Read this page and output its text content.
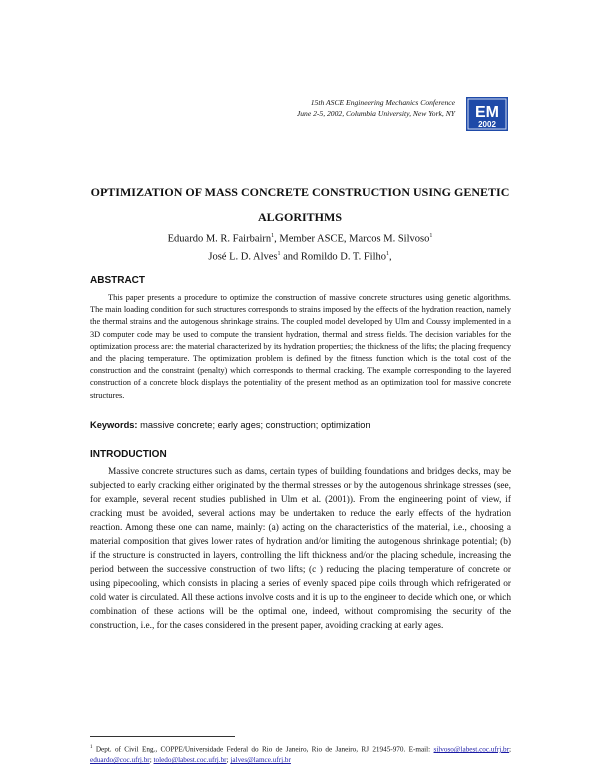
15th ASCE Engineering Mechanics Conference
June 2-5, 2002, Columbia University, New York, NY EM
2002
OPTIMIZATION OF MASS CONCRETE CONSTRUCTION USING GENETIC
ALGORITHMS
Eduardo M. R. Fairbairn$^1$, Member ASCE, Marcos M. Silvoso$^1$
José L. D. Alves$^1$ and Romildo D. T. Filho$^1$,
ABSTRACT

This paper presents a procedure to optimize the construction of massive concrete structures using genetic algorithms. The main loading condition for such structures corresponds to strains imposed by the effects of the hydration reaction, namely the thermal strains and the autogenous shrinkage strains. The coupled model developed by Ulm and Coussy implemented in a 3D computer code may be used to compute the transient hydration, thermal and stress fields. The decision variables for the optimization process are: the material characterized by its hydration properties; the thickness of the lifts; the placing frequency and the placing temperature. The optimization problem is defined by the fitness function which is the total cost of the construction and the constraint (penalty) which corresponds to thermal cracking. The example corresponding to the layered construction of a concrete block displays the potentiality of the present method as an optimization tool for massive concrete structures.

Keywords: massive concrete; early ages; construction; optimization
INTRODUCTION

Massive concrete structures such as dams, certain types of building foundations and bridges decks, may be subjected to early cracking either originated by the thermal stresses or by the autogenous shrinkage stresses (see, for example, several recent studies published in Ulm et al. (2001)). From the engineering point of view, if cracking must be avoided, several actions may be undertaken to reduce the early effects of the hydration reaction. Among these one can name, mainly: (a) acting on the characteristics of the material, i.e., choosing a material composition that gives lower rates of hydration and/or limiting the autogenous shrinkage potential; (b) if the structure is constructed in layers, controlling the lift thickness and/or the placing schedule, increasing the period between the successive construction of two lifts; (c ) reducing the placing temperature of concrete or using pipecooling, which consists in placing a series of evenly spaced pipe coils through which refrigerated or cold water is circulated. All these actions involve costs and it is up to the engineer to decide which one, or which combination of these actions will be the optimal one, indeed, without compromising the security of the construction, i.e., for the cases considered in the present paper, avoiding cracking at early ages.

$^1$ Dept. of Civil Eng., COPPE/Universidade Federal do Rio de Janeiro, Rio de Janeiro, RJ 21945-970. E-mail: silvoso@labest.coc.ufrj.br; eduardo@coc.ufrj.br; toledo@labest.coc.ufrj.br; jalves@lamce.ufrj.br
